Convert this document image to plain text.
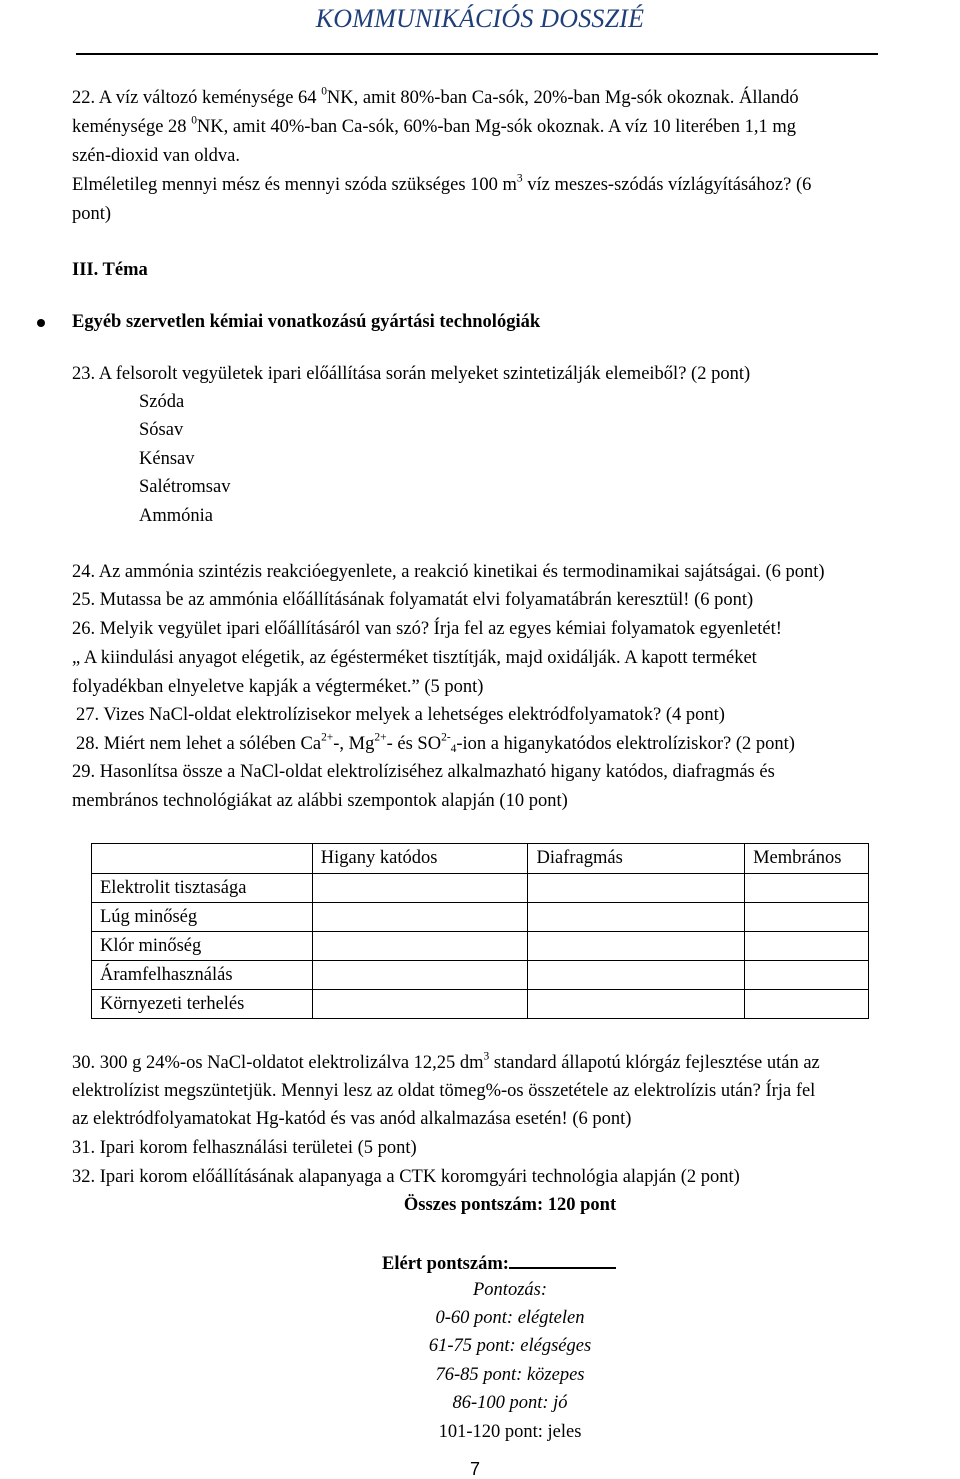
KOMMUNIKÁCIÓS DOSSZIÉ
22. A víz változó keménysége 64 $^0$NK, amit 80%-ban Ca-sók, 20%-ban Mg-sók okoznak. Állandó
keménysége 28 $^0$NK, amit 40%-ban Ca-sók, 60%-ban Mg-sók okoznak. A víz 10 literében 1,1 mg
szén-dioxid van oldva.
Elméletileg mennyi mész és mennyi szóda szükséges 100 $m^3$ víz meszes-szódás vízlágyításához? (6
pont)
III. Téma
Egyéb szervetlen kémiai vonatkozású gyártási technológiák
23. A felsorolt vegyületek ipari előállítása során melyeket szintetizálják elemeiből? (2 pont)
Szóda
Sósav
Kénsav
Salétromsav
Ammónia
24. Az ammónia szintézis reakcióegyenlete, a reakció kinetikai és termodinamikai sajátságai. (6 pont)
25. Mutassa be az ammónia előállításának folyamatát elvi folyamatábrán keresztül! (6 pont)
26. Melyik vegyület ipari előállításáról van szó? Írja fel az egyes kémiai folyamatok egyenletét!
„ A kiindulási anyagot elégetik, az égésterméket tisztítják, majd oxidálják. A kapott terméket
folyadékban elnyeletve kapják a végterméket.” (5 pont)
27. Vizes NaCl-oldat elektrolízisekor melyek a lehetséges elektródfolyamatok? (4 pont)
28. Miért nem lehet a sólében $Ca^{2+}-$, $Mg^{2+}-$ és $SO^{2-}_4$-ion a higanykatódos elektrolíziskor? (2 pont)
29. Hasonlítsa össze a NaCl-oldat elektrolíziséhez alkalmazható higany katódos, diafragmás és
membrános technológiákat az alábbi szempontok alapján (10 pont)
	Higany katódos	Diafragmás	Membrános
Elektrolit tisztasága			
Lúg minőség			
Klór minőség			
Áramfelhasználás			
Környezeti terhelés			
30. 300 g 24%-os NaCl-oldatot elektrolizálva 12,25 $dm^3$ standard állapotú klórgáz fejlesztése után az
elektrolízist megszüntetjük. Mennyi lesz az oldat tömeg%-os összetétele az elektrolízis után? Írja fel
az elektródfolyamatokat Hg-katód és vas anód alkalmazása esetén! (6 pont)
31. Ipari korom felhasználási területei (5 pont)
32. Ipari korom előállításának alapanyaga a CTK koromgyári technológia alapján (2 pont)
Összes pontszám: 120 pont
Elért pontszám:
Pontozás:
0-60 pont: elégtelen
61-75 pont: elégséges
76-85 pont: közepes
86-100 pont: jó
101-120 pont: jeles
7
